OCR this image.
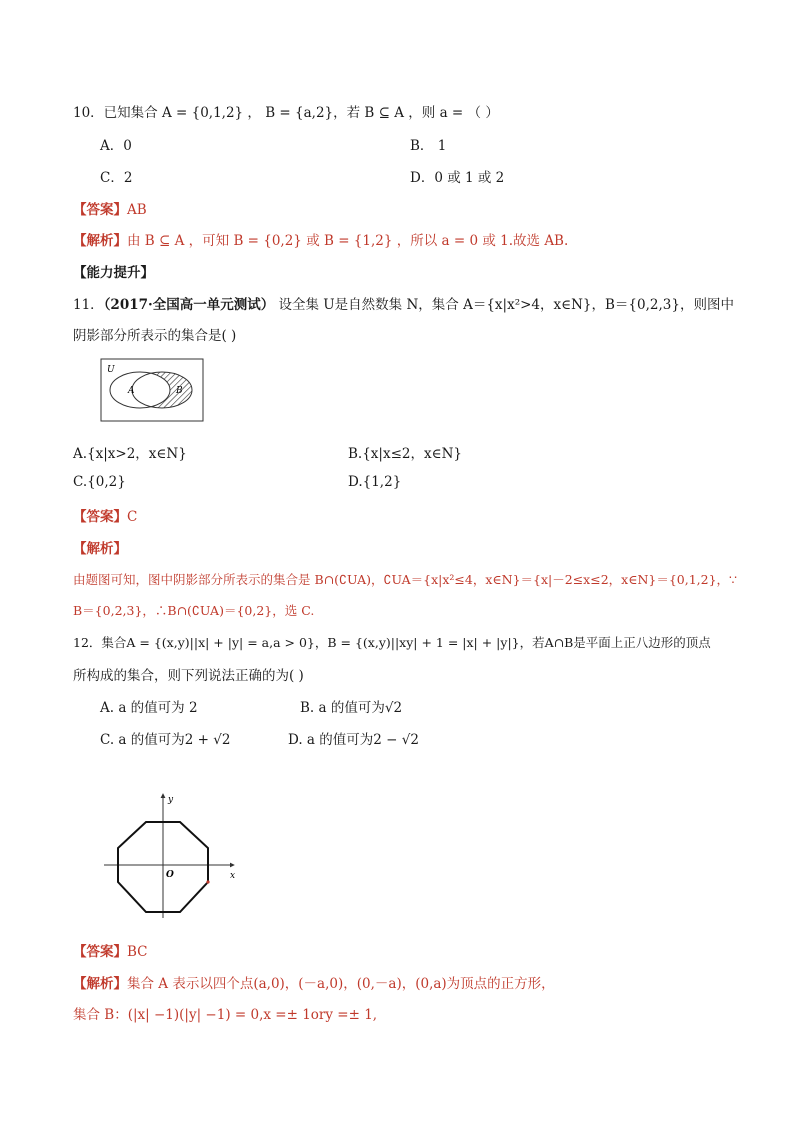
10．已知集合 A = {0,1,2} ， B = {a,2}，若 B ⊆ A ，则 a = （ ）
A．0	B． 1
C．2	D．0 或 1 或 2
【答案】AB
【解析】由 B ⊆ A ，可知 B = {0,2} 或 B = {1,2} ，所以 a = 0 或 1.故选 AB.
【能力提升】
11．（2017·全国高一单元测试） 设全集 U是自然数集 N，集合 A＝{x|x²>4，x∈N}，B＝{0,2,3}，则图中
阴影部分所表示的集合是( )
U
A	B
A.{x|x>2，x∈N}	B.{x|x≤2，x∈N}
C.{0,2}	D.{1,2}
【答案】C
【解析】
由题图可知，图中阴影部分所表示的集合是 B∩(∁UA)，∁UA＝{x|x²≤4，x∈N}＝{x|－2≤x≤2，x∈N}＝{0,1,2}，∵
B＝{0,2,3}，∴B∩(∁UA)＝{0,2}，选 C.
12．集合A = {(x,y)||x| + |y| = a,a > 0}，B = {(x,y)||xy| + 1 = |x| + |y|}，若A∩B是平面上正八边形的顶点
所构成的集合，则下列说法正确的为( )
A. a 的值可为 2	B. a 的值可为√2
C. a 的值可为2 + √2	D. a 的值可为2 − √2
x
y
O
【答案】BC
【解析】集合 A 表示以四个点(a,0)，(－a,0)，(0,－a)，(0,a)为顶点的正方形，
集合 B：(|x| −1)(|y| −1) = 0,x =± 1ory =± 1,
